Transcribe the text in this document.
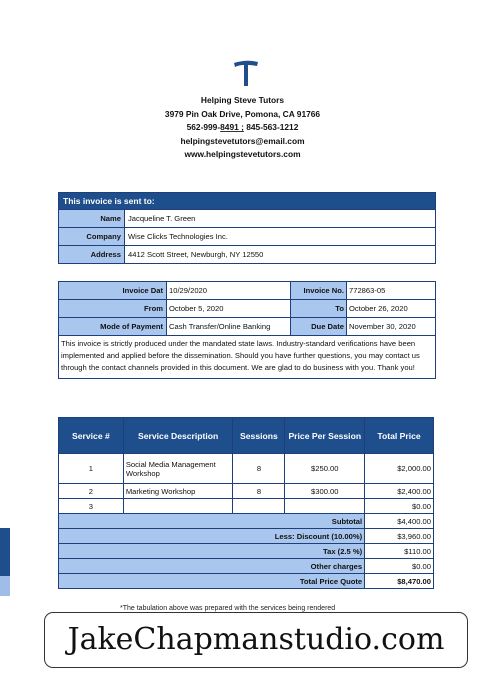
Helping Steve Tutors
3979 Pin Oak Drive, Pomona, CA 91766
562-999-8491 ; 845-563-1212
helpingstevetutors@email.com
www.helpingstevetutors.com
This invoice is sent to:
Name Jacqueline T. Green
Company Wise Clicks Technologies Inc.
Address 4412 Scott Street, Newburgh, NY 12550
Invoice Dat 10/29/2020	Invoice No. 772863-05
From October 5, 2020	To October 26, 2020
Mode of Payment Cash Transfer/Online Banking	Due Date November 30, 2020
This invoice is strictly produced under the mandated state laws. Industry-standard verifications have been implemented and applied before the dissemination. Should you have further questions, you may contact us through the contact channels provided in this document. We are glad to do business with you. Thank you!
Service #	Service Description	Sessions	Price Per Session	Total Price
1	Social Media Management Workshop	8	$250.00	$2,000.00
2	Marketing Workshop	8	$300.00	$2,400.00
3				$0.00
Subtotal				$4,400.00
Less: Discount (10.00%)				$3,960.00
Tax (2.5 %)				$110.00
Other charges				$0.00
Total Price Quote				$8,470.00
*The tabulation above was prepared with the services being rendered
JakeChapmanstudio.com
